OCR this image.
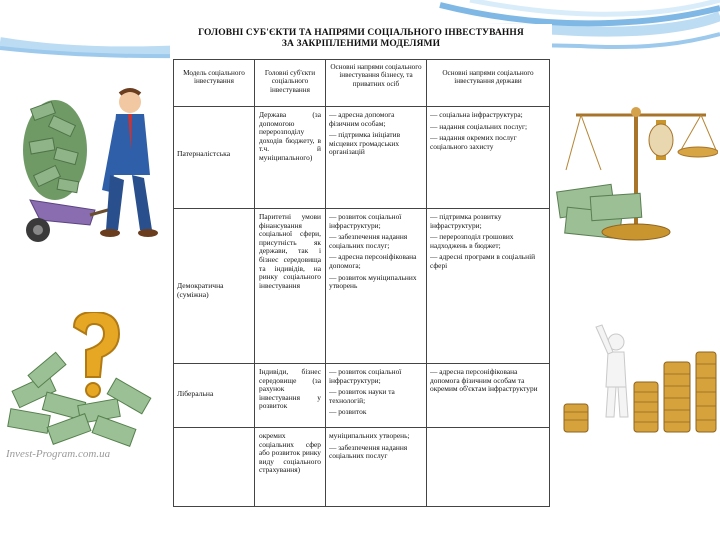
Invest-Program.com.ua
ГОЛОВНІ СУБ'ЄКТИ ТА НАПРЯМИ СОЦІАЛЬНОГО ІНВЕСТУВАННЯ
ЗА ЗАКРІПЛЕНИМИ МОДЕЛЯМИ
Модель соціального інвестування
Головні суб'єкти соціального інвестування
Основні напрями соціального інвестування бізнесу, та приватних осіб
Основні напрями соціального інвестування держави
Патерналістська
Держава (за допомогою перерозподілу доходів бюджету, в т.ч. й муніципального)
— адресна допомога фізичним особам;
— підтримка ініціатив місцевих громадських організацій
— соціальна інфраструктура;
— надання соціальних послуг;
— надання окремих послуг соціального захисту
Демократична (суміжна)
Паритетні умови фінансування соціальної сфери, присутність як держави, так і бізнес середовища та індивідів, на ринку соціального інвестування
— розвиток соціальної інфраструктури;
— забезпечення надання соціальних послуг;
— адресна персоніфікована допомога;
— розвиток муніципальних утворень
— підтримка розвитку інфраструктури;
— перерозподіл грошових надходжень в бюджет;
— адресні програми в соціальній сфері
Ліберальна
Індивіди, бізнес середовище (за рахунок інвестування у розвиток
— розвиток соціальної інфраструктури;
— розвиток науки та технологій;
— розвиток
— адресна персоніфікована допомога фізичним особам та окремим об'єктам інфраструктури
окремих соціальних сфер або розвиток ринку виду соціального страхування)
муніципальних утворень;
— забезпечення надання соціальних послуг
